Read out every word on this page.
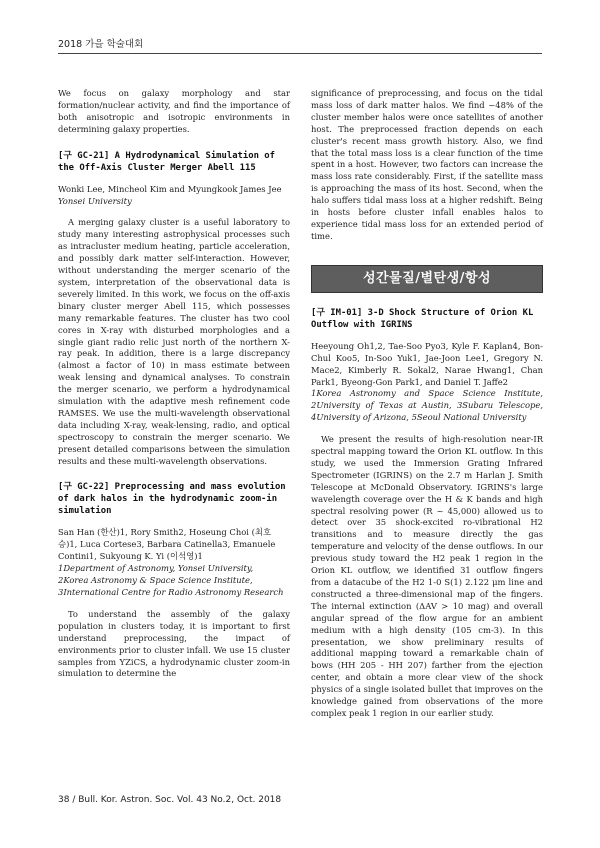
2018 가을 학술대회

We focus on galaxy morphology and star formation/nuclear activity, and find the importance of both anisotropic and isotropic environments in determining galaxy properties.

[구 GC-21] A Hydrodynamical Simulation of the Off-Axis Cluster Merger Abell 115

Wonki Lee, Mincheol Kim and Myungkook James Jee

Yonsei University

A merging galaxy cluster is a useful laboratory to study many interesting astrophysical processes such as intracluster medium heating, particle acceleration, and possibly dark matter self-interaction. However, without understanding the merger scenario of the system, interpretation of the observational data is severely limited. In this work, we focus on the off-axis binary cluster merger Abell 115, which possesses many remarkable features. The cluster has two cool cores in X-ray with disturbed morphologies and a single giant radio relic just north of the northern X-ray peak. In addition, there is a large discrepancy (almost a factor of 10) in mass estimate between weak lensing and dynamical analyses. To constrain the merger scenario, we perform a hydrodynamical simulation with the adaptive mesh refinement code RAMSES. We use the multi-wavelength observational data including X-ray, weak-lensing, radio, and optical spectroscopy to constrain the merger scenario. We present detailed comparisons between the simulation results and these multi-wavelength observations.

[구 GC-22] Preprocessing and mass evolution of dark halos in the hydrodynamic zoom-in simulation

San Han (한산)1, Rory Smith2, Hoseung Choi (최호승)1, Luca Cortese3, Barbara Catinella3, Emanuele Contini1, Sukyoung K. Yi (이석영)1

1Department of Astronomy, Yonsei University,

2Korea Astronomy & Space Science Institute,

3International Centre for Radio Astronomy Research

To understand the assembly of the galaxy population in clusters today, it is important to first understand preprocessing, the impact of environments prior to cluster infall. We use 15 cluster samples from YZiCS, a hydrodynamic cluster zoom-in simulation to determine the

significance of preprocessing, and focus on the tidal mass loss of dark matter halos. We find ~48% of the cluster member halos were once satellites of another host. The preprocessed fraction depends on each cluster's recent mass growth history. Also, we find that the total mass loss is a clear function of the time spent in a host. However, two factors can increase the mass loss rate considerably. First, if the satellite mass is approaching the mass of its host. Second, when the halo suffers tidal mass loss at a higher redshift. Being in hosts before cluster infall enables halos to experience tidal mass loss for an extended period of time.

성간물질/별탄생/항성

[구 IM-01] 3-D Shock Structure of Orion KL Outflow with IGRINS

Heeyoung Oh1,2, Tae-Soo Pyo3, Kyle F. Kaplan4, Bon-Chul Koo5, In-Soo Yuk1, Jae-Joon Lee1, Gregory N. Mace2, Kimberly R. Sokal2, Narae Hwang1, Chan Park1, Byeong-Gon Park1, and Daniel T. Jaffe2

1Korea Astronomy and Space Science Institute, 2University of Texas at Austin, 3Subaru Telescope, 4University of Arizona, 5Seoul National University

We present the results of high-resolution near-IR spectral mapping toward the Orion KL outflow. In this study, we used the Immersion Grating Infrared Spectrometer (IGRINS) on the 2.7 m Harlan J. Smith Telescope at McDonald Observatory. IGRINS's large wavelength coverage over the H & K bands and high spectral resolving power (R ~ 45,000) allowed us to detect over 35 shock-excited ro-vibrational H2 transitions and to measure directly the gas temperature and velocity of the dense outflows. In our previous study toward the H2 peak 1 region in the Orion KL outflow, we identified 31 outflow fingers from a datacube of the H2 1-0 S(1) 2.122 μm line and constructed a three-dimensional map of the fingers. The internal extinction (ΔAV > 10 mag) and overall angular spread of the flow argue for an ambient medium with a high density (105 cm-3). In this presentation, we show preliminary results of additional mapping toward a remarkable chain of bows (HH 205 - HH 207) farther from the ejection center, and obtain a more clear view of the shock physics of a single isolated bullet that improves on the knowledge gained from observations of the more complex peak 1 region in our earlier study.

38 / Bull. Kor. Astron. Soc. Vol. 43 No.2, Oct. 2018
